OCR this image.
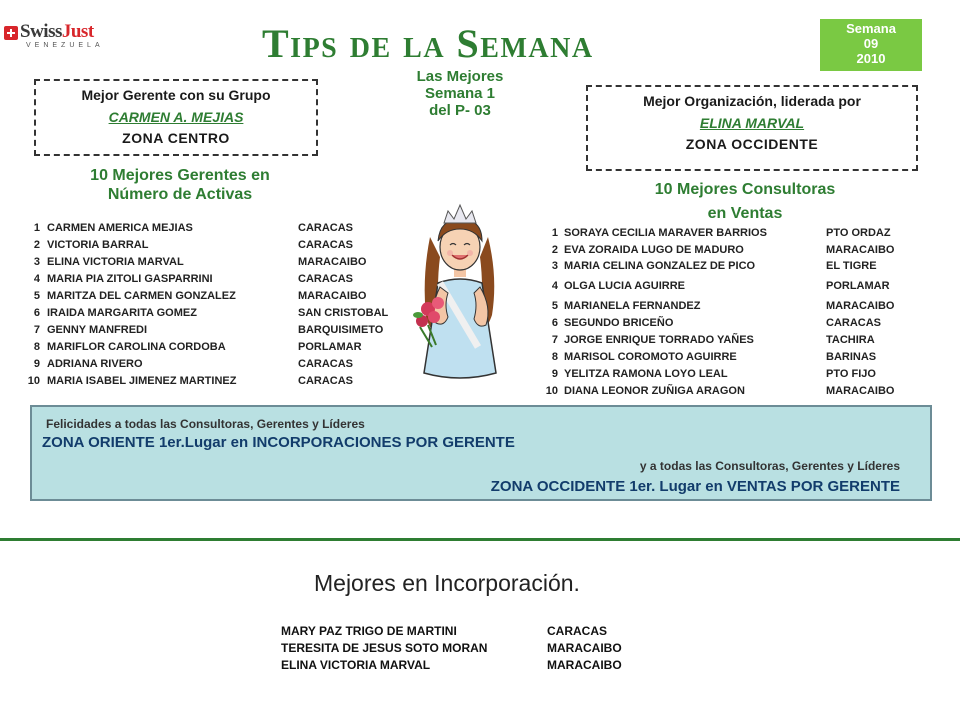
SwissJust
VENEZUELA	Tips de la Semana	Semana
09
2010
Mejor Gerente con su Grupo
CARMEN A. MEJIAS
ZONA CENTRO
Las Mejores
Semana 1
del P- 03
Mejor Organización, liderada por
ELINA MARVAL
ZONA OCCIDENTE
10 Mejores Gerentes en
Número de Activas	10 Mejores Consultoras
en Ventas
1 CARMEN AMERICA MEJIAS	CARACAS
2 VICTORIA BARRAL	CARACAS
3 ELINA VICTORIA MARVAL	MARACAIBO
4 MARIA PIA ZITOLI GASPARRINI	CARACAS
5 MARITZA DEL CARMEN GONZALEZ	MARACAIBO
6 IRAIDA MARGARITA GOMEZ	SAN CRISTOBAL
7 GENNY MANFREDI	BARQUISIMETO
8 MARIFLOR CAROLINA CORDOBA	PORLAMAR
9 ADRIANA RIVERO	CARACAS
10 MARIA ISABEL JIMENEZ MARTINEZ	CARACAS
1 SORAYA CECILIA MARAVER BARRIOS	PTO ORDAZ
2 EVA ZORAIDA LUGO DE MADURO	MARACAIBO
3 MARIA CELINA GONZALEZ DE PICO	EL TIGRE
4 OLGA LUCIA AGUIRRE	PORLAMAR
5 MARIANELA FERNANDEZ	MARACAIBO
6 SEGUNDO BRICEÑO	CARACAS
7 JORGE ENRIQUE TORRADO YAÑES	TACHIRA
8 MARISOL COROMOTO AGUIRRE	BARINAS
9 YELITZA RAMONA LOYO LEAL	PTO FIJO
10 DIANA LEONOR ZUÑIGA ARAGON	MARACAIBO
Felicidades a todas las Consultoras, Gerentes y Líderes
ZONA ORIENTE 1er.Lugar en INCORPORACIONES POR GERENTE
y a todas las Consultoras, Gerentes y Líderes
ZONA OCCIDENTE 1er. Lugar en VENTAS POR GERENTE
Mejores en Incorporación.
MARY PAZ TRIGO DE MARTINI	CARACAS
TERESITA DE JESUS SOTO MORAN	MARACAIBO
ELINA VICTORIA MARVAL	MARACAIBO
